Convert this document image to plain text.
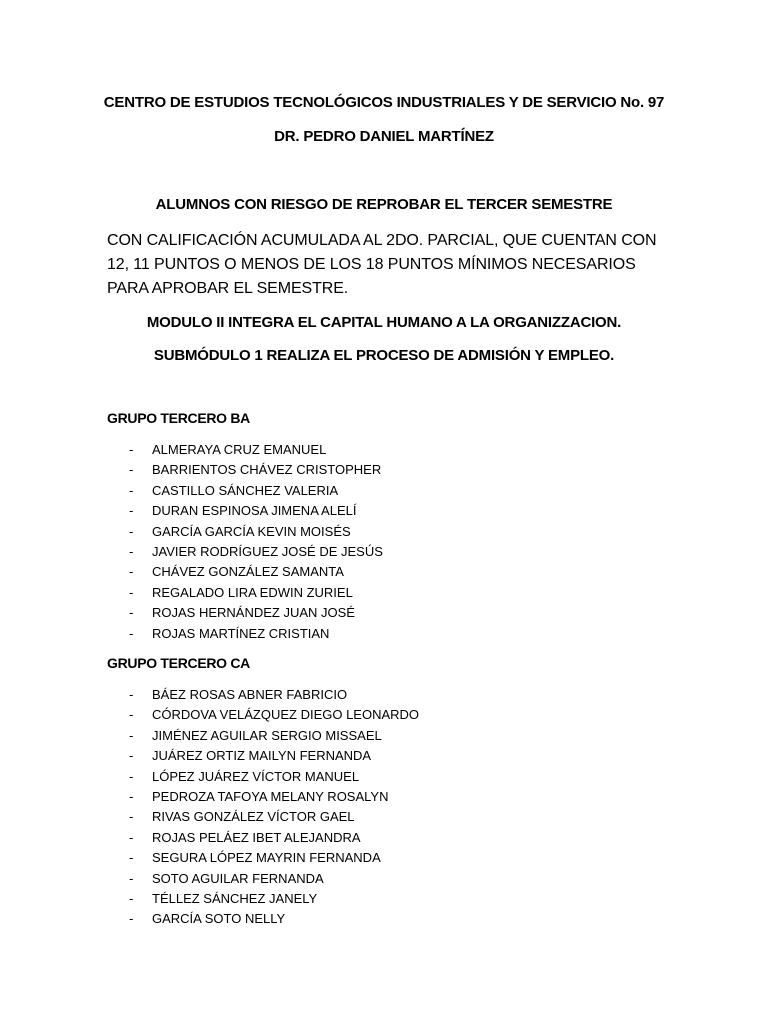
CENTRO DE ESTUDIOS TECNOLÓGICOS INDUSTRIALES Y DE SERVICIO No. 97

DR. PEDRO DANIEL MARTÍNEZ

ALUMNOS CON RIESGO DE REPROBAR EL TERCER SEMESTRE

CON CALIFICACIÓN ACUMULADA AL 2DO. PARCIAL, QUE CUENTAN CON 12, 11 PUNTOS O MENOS DE LOS 18 PUNTOS MÍNIMOS NECESARIOS PARA APROBAR EL SEMESTRE.

MODULO II INTEGRA EL CAPITAL HUMANO A LA ORGANIZZACION.

SUBMÓDULO 1 REALIZA EL PROCESO DE ADMISIÓN Y EMPLEO.

GRUPO TERCERO BA

-	ALMERAYA CRUZ EMANUEL
-	BARRIENTOS CHÁVEZ CRISTOPHER
-	CASTILLO SÁNCHEZ VALERIA
-	DURAN ESPINOSA JIMENA ALELÍ
-	GARCÍA GARCÍA KEVIN MOISÉS
-	JAVIER RODRÍGUEZ JOSÉ DE JESÚS
-	CHÁVEZ GONZÁLEZ SAMANTA
-	REGALADO LIRA EDWIN ZURIEL
-	ROJAS HERNÁNDEZ JUAN JOSÉ
-	ROJAS MARTÍNEZ CRISTIAN

GRUPO TERCERO CA

-	BÁEZ ROSAS ABNER FABRICIO
-	CÓRDOVA VELÁZQUEZ DIEGO LEONARDO
-	JIMÉNEZ AGUILAR SERGIO MISSAEL
-	JUÁREZ ORTIZ MAILYN FERNANDA
-	LÓPEZ JUÁREZ VÍCTOR MANUEL
-	PEDROZA TAFOYA MELANY ROSALYN
-	RIVAS GONZÁLEZ VÍCTOR GAEL
-	ROJAS PELÁEZ IBET ALEJANDRA
-	SEGURA LÓPEZ MAYRIN FERNANDA
-	SOTO AGUILAR FERNANDA
-	TÉLLEZ SÁNCHEZ JANELY
-	GARCÍA SOTO NELLY
